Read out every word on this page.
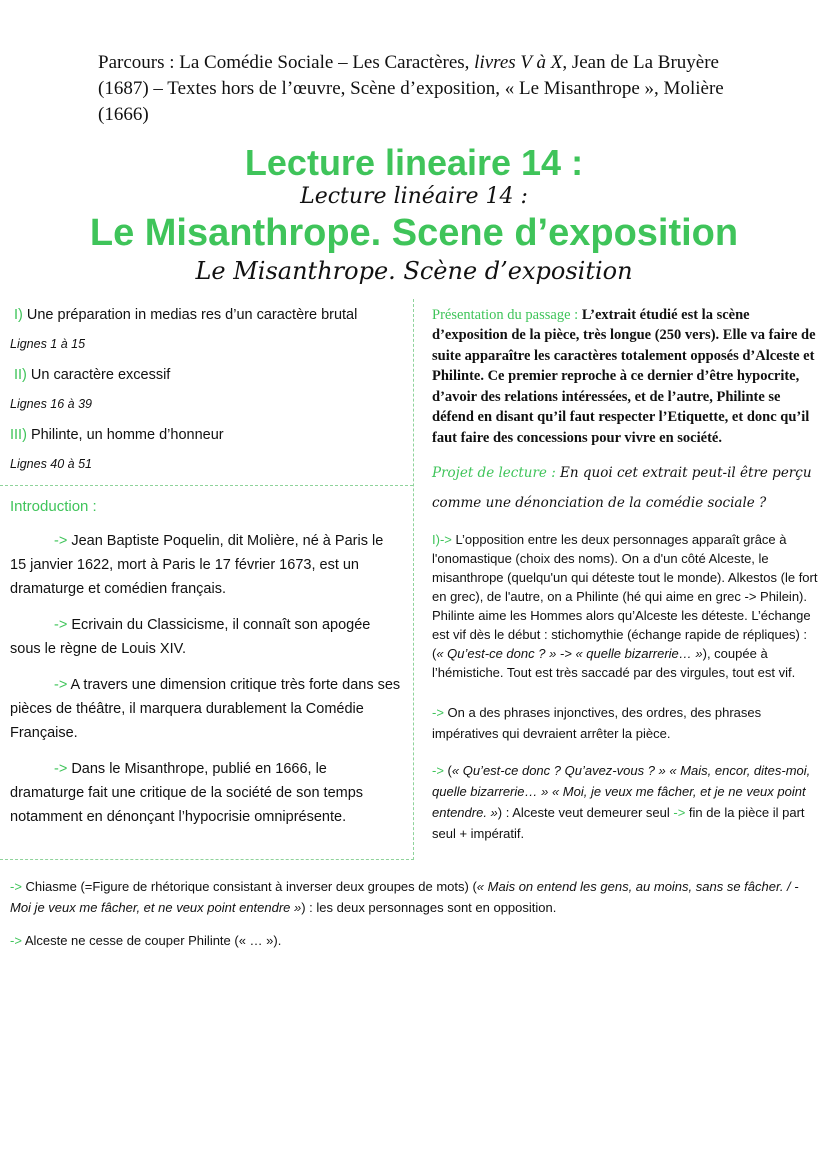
Parcours : La Comédie Sociale – Les Caractères, livres V à X, Jean de La Bruyère (1687) – Textes hors de l’œuvre, Scène d’exposition, « Le Misanthrope », Molière (1666)
Lecture lineaire 14 :
Lecture linéaire 14 :
Le Misanthrope. Scene d’exposition
Le Misanthrope. Scène d’exposition
I) Une préparation in medias res d’un caractère brutal
Lignes 1 à 15
II) Un caractère excessif
Lignes 16 à 39
III) Philinte, un homme d’honneur
Lignes 40 à 51
Introduction :

-> Jean Baptiste Poquelin, dit Molière, né à Paris le 15 janvier 1622, mort à Paris le 17 février 1673, est un dramaturge et comédien français.

-> Ecrivain du Classicisme, il connaît son apogée sous le règne de Louis XIV.

-> A travers une dimension critique très forte dans ses pièces de théâtre, il marquera durablement la Comédie Française.

-> Dans le Misanthrope, publié en 1666, le dramaturge fait une critique de la société de son temps notamment en dénonçant l’hypocrisie omniprésente.

Présentation du passage : L’extrait étudié est la scène d’exposition de la pièce, très longue (250 vers). Elle va faire de suite apparaître les caractères totalement opposés d’Alceste et Philinte. Ce premier reproche à ce dernier d’être hypocrite, d’avoir des relations intéressées, et de l’autre, Philinte se défend en disant qu’il faut respecter l’Etiquette, et donc qu’il faut faire des concessions pour vivre en société.
Projet de lecture : En quoi cet extrait peut-il être perçu comme une dénonciation de la comédie sociale ?

I)-> L’opposition entre les deux personnages apparaît grâce à l'onomastique (choix des noms). On a d'un côté Alceste, le misanthrope (quelqu'un qui déteste tout le monde). Alkestos (le fort en grec), de l'autre, on a Philinte (hé qui aime en grec -> Philein). Philinte aime les Hommes alors qu’Alceste les déteste. L’échange est vif dès le début : stichomythie (échange rapide de répliques) : (« Qu’est-ce donc ? » -> « quelle bizarrerie… »), coupée à l’hémistiche. Tout est très saccadé par des virgules, tout est vif.

-> On a des phrases injonctives, des ordres, des phrases impératives qui devraient arrêter la pièce.

-> (« Qu’est-ce donc ? Qu’avez-vous ? » « Mais, encor, dites-moi, quelle bizarrerie… » « Moi, je veux me fâcher, et je ne veux point entendre. ») : Alceste veut demeurer seul -> fin de la pièce il part seul + impératif.

-> Chiasme (=Figure de rhétorique consistant à inverser deux groupes de mots) (« Mais on entend les gens, au moins, sans se fâcher. / -Moi je veux me fâcher, et ne veux point entendre ») : les deux personnages sont en opposition.
-> Alceste ne cesse de couper Philinte (« … »).
